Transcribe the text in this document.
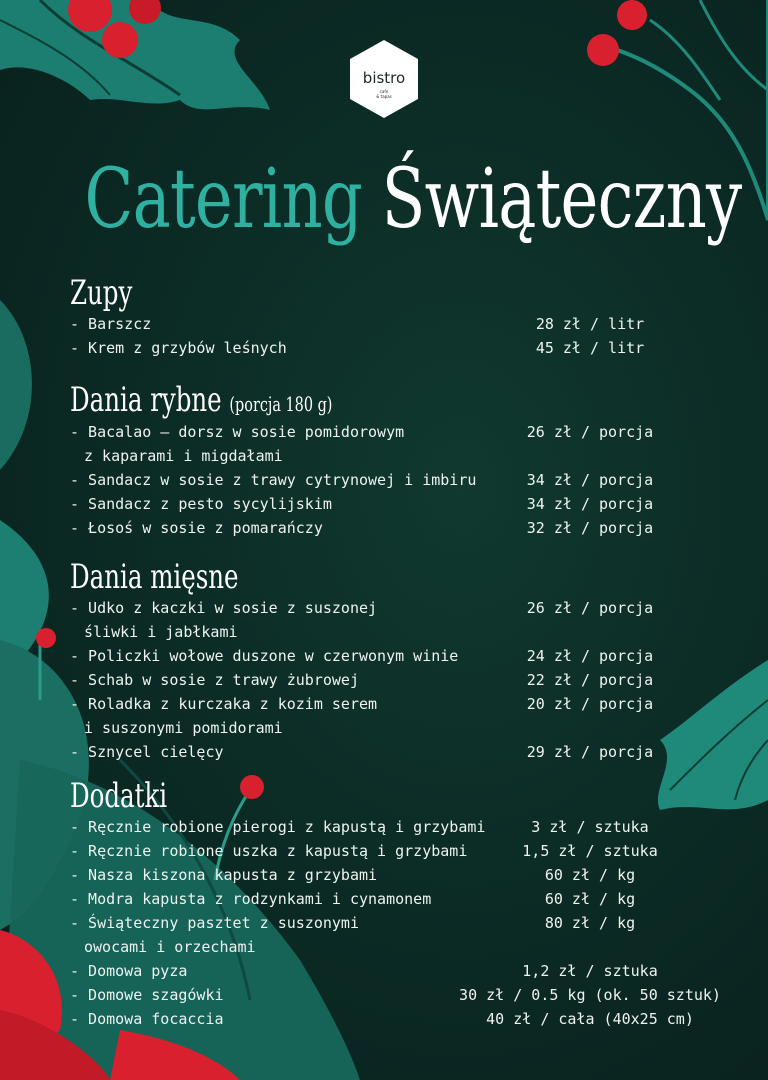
bistro
cafe
& tapas
Catering Świąteczny
Zupy
- Barszcz	28 zł / litr
- Krem z grzybów leśnych	45 zł / litr
Dania rybne (porcja 180 g)
- Bacalao — dorsz w sosie pomidorowym	26 zł / porcja
z kaparami i migdałami
- Sandacz w sosie z trawy cytrynowej i imbiru	34 zł / porcja
- Sandacz z pesto sycylijskim	34 zł / porcja
- Łosoś w sosie z pomarańczy	32 zł / porcja
Dania mięsne
- Udko z kaczki w sosie z suszonej	26 zł / porcja
śliwki i jabłkami
- Policzki wołowe duszone w czerwonym winie	24 zł / porcja
- Schab w sosie z trawy żubrowej	22 zł / porcja
- Roladka z kurczaka z kozim serem	20 zł / porcja
i suszonymi pomidorami
- Sznycel cielęcy	29 zł / porcja
Dodatki
- Ręcznie robione pierogi z kapustą i grzybami	3 zł / sztuka
- Ręcznie robione uszka z kapustą i grzybami	1,5 zł / sztuka
- Nasza kiszona kapusta z grzybami	60 zł / kg
- Modra kapusta z rodzynkami i cynamonem	60 zł / kg
- Świąteczny pasztet z suszonymi	80 zł / kg
owocami i orzechami
- Domowa pyza	1,2 zł / sztuka
- Domowe szagówki	30 zł / 0.5 kg (ok. 50 sztuk)
- Domowa focaccia	40 zł / cała (40x25 cm)
